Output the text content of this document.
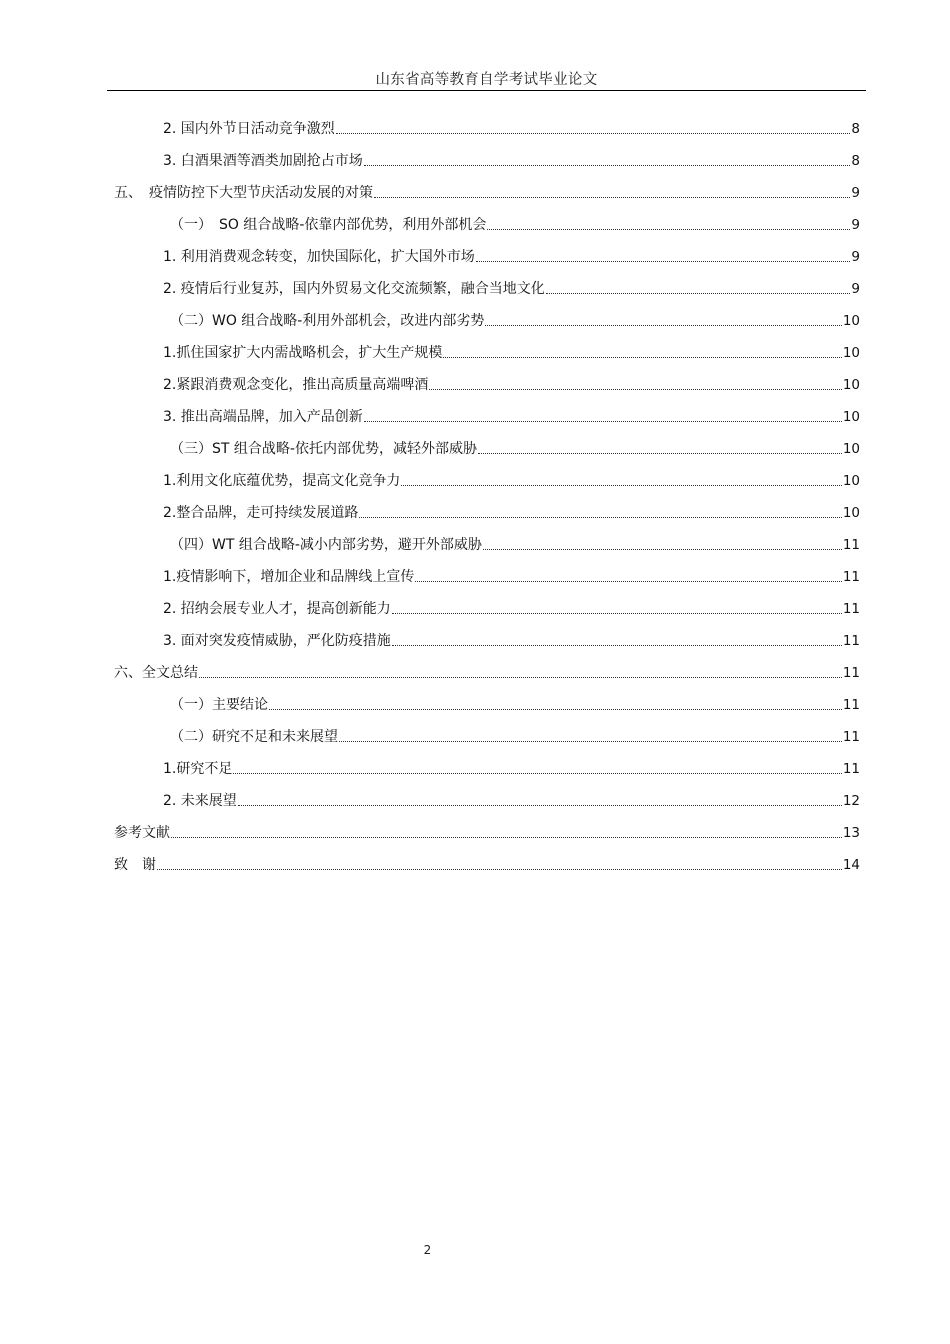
山东省高等教育自学考试毕业论文
2. 国内外节日活动竞争激烈	8
3. 白酒果酒等酒类加剧抢占市场	8
五、　疫情防控下大型节庆活动发展的对策	9
（一）　SO 组合战略-依靠内部优势，利用外部机会	9
1. 利用消费观念转变，加快国际化，扩大国外市场	9
2. 疫情后行业复苏，国内外贸易文化交流频繁，融合当地文化	9
（二）WO 组合战略-利用外部机会，改进内部劣势	10
1.抓住国家扩大内需战略机会，扩大生产规模	10
2.紧跟消费观念变化，推出高质量高端啤酒	10
3. 推出高端品牌，加入产品创新	10
（三）ST 组合战略-依托内部优势，减轻外部威胁	10
1.利用文化底蕴优势，提高文化竞争力	10
2.整合品牌，走可持续发展道路	10
（四）WT 组合战略-减小内部劣势，避开外部威胁	11
1.疫情影响下，增加企业和品牌线上宣传	11
2. 招纳会展专业人才，提高创新能力	11
3. 面对突发疫情威胁，严化防疫措施	11
六、全文总结	11
（一）主要结论	11
（二）研究不足和未来展望	11
1.研究不足	11
2. 未来展望	12
参考文献	13
致　谢	14
2
